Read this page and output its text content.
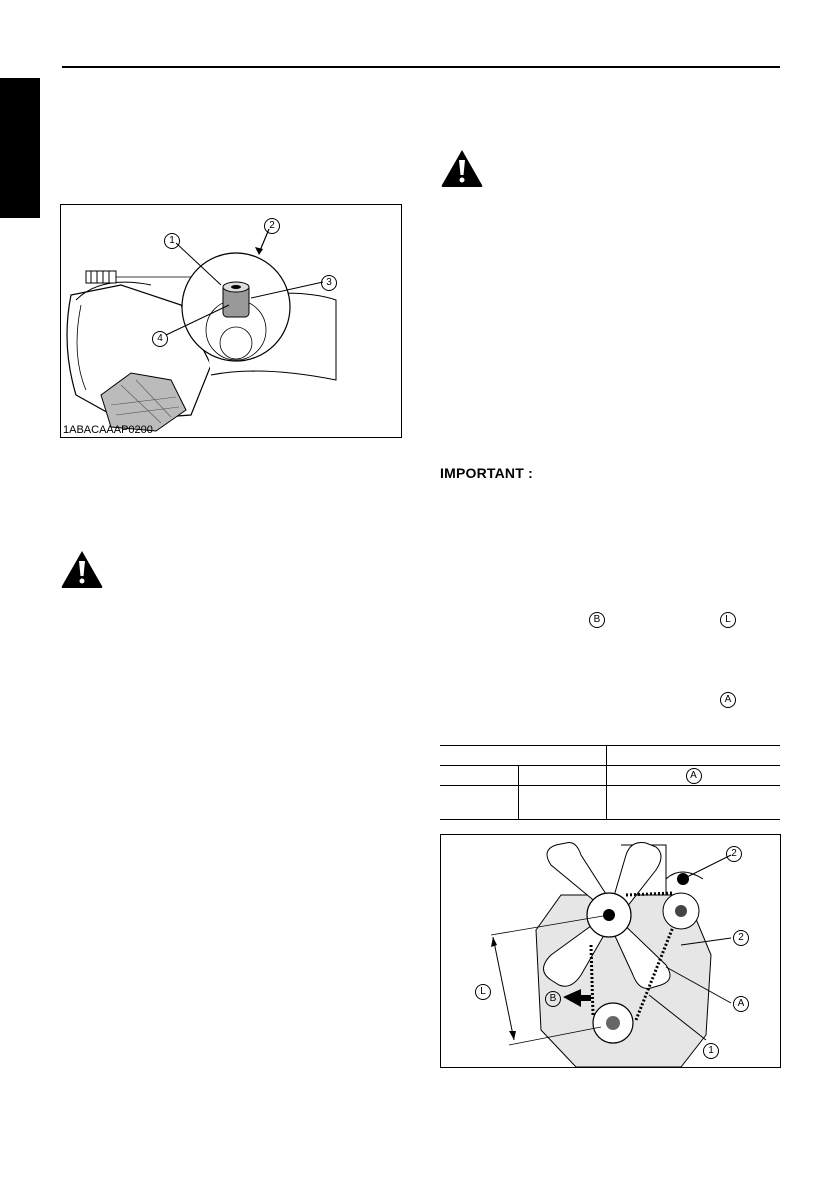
1
2
3
4
1ABACAAAP0200
IMPORTANT :
B	L
A

		A

2
2
B	A
1
L
